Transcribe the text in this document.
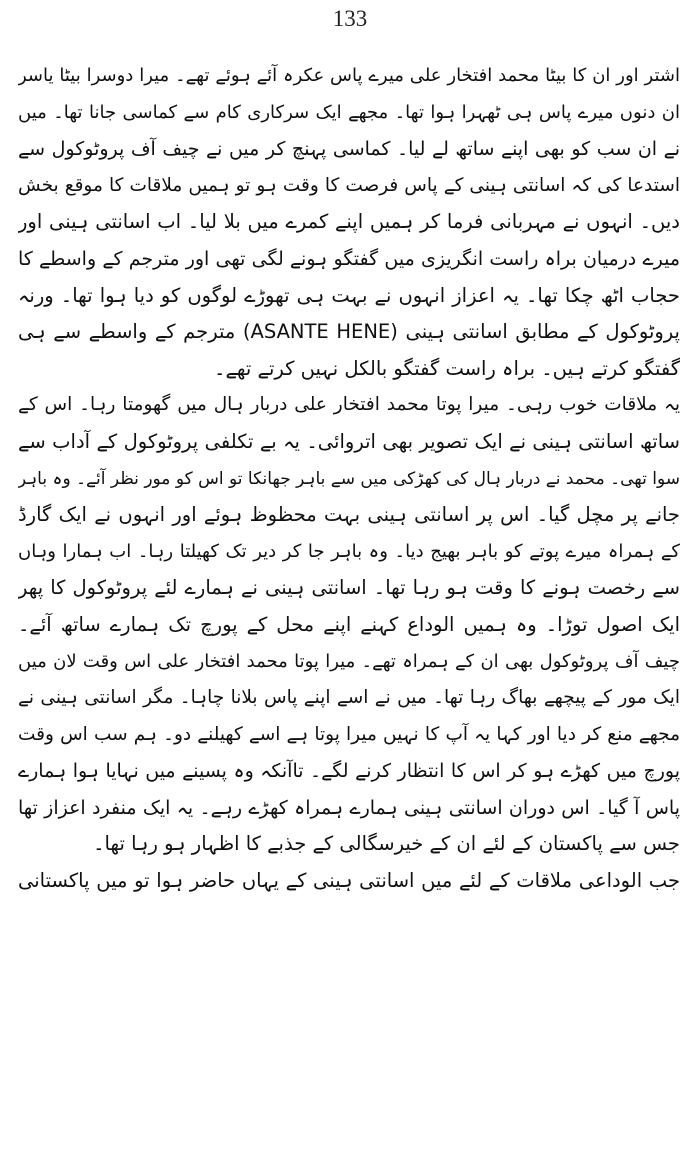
133
اشتر اور ان کا بیٹا محمد افتخار علی میرے پاس عکرہ آئے ہوئے تھے۔ میرا دوسرا بیٹا یاسر
ان دنوں میرے پاس ہی ٹھہرا ہوا تھا۔ مجھے ایک سرکاری کام سے کماسی جانا تھا۔ میں
نے ان سب کو بھی اپنے ساتھ لے لیا۔ کماسی پہنچ کر میں نے چیف آف پروٹوکول سے
استدعا کی کہ اسانتی ہینی کے پاس فرصت کا وقت ہو تو ہمیں ملاقات کا موقع بخش
دیں۔ انہوں نے مہربانی فرما کر ہمیں اپنے کمرے میں بلا لیا۔ اب اسانتی ہینی اور
میرے درمیان براہ راست انگریزی میں گفتگو ہونے لگی تھی اور مترجم کے واسطے کا
حجاب اٹھ چکا تھا۔ یہ اعزاز انہوں نے بہت ہی تھوڑے لوگوں کو دیا ہوا تھا۔ ورنہ
پروٹوکول کے مطابق اسانتی ہینی (ASANTE HENE) مترجم کے واسطے سے ہی
گفتگو کرتے ہیں۔ براہ راست گفتگو بالکل نہیں کرتے تھے۔
یہ ملاقات خوب رہی۔ میرا پوتا محمد افتخار علی دربار ہال میں گھومتا رہا۔ اس کے
ساتھ اسانتی ہینی نے ایک تصویر بھی اتروائی۔ یہ بے تکلفی پروٹوکول کے آداب سے
سوا تھی۔ محمد نے دربار ہال کی کھڑکی میں سے باہر جھانکا تو اس کو مور نظر آئے۔ وہ باہر
جانے پر مچل گیا۔ اس پر اسانتی ہینی بہت محظوظ ہوئے اور انہوں نے ایک گارڈ
کے ہمراہ میرے پوتے کو باہر بھیج دیا۔ وہ باہر جا کر دیر تک کھیلتا رہا۔ اب ہمارا وہاں
سے رخصت ہونے کا وقت ہو رہا تھا۔ اسانتی ہینی نے ہمارے لئے پروٹوکول کا پھر
ایک اصول توڑا۔ وہ ہمیں الوداع کہنے اپنے محل کے پورچ تک ہمارے ساتھ آئے۔
چیف آف پروٹوکول بھی ان کے ہمراہ تھے۔ میرا پوتا محمد افتخار علی اس وقت لان میں
ایک مور کے پیچھے بھاگ رہا تھا۔ میں نے اسے اپنے پاس بلانا چاہا۔ مگر اسانتی ہینی نے
مجھے منع کر دیا اور کہا یہ آپ کا نہیں میرا پوتا ہے اسے کھیلنے دو۔ ہم سب اس وقت
پورچ میں کھڑے ہو کر اس کا انتظار کرنے لگے۔ تاآنکہ وہ پسینے میں نہایا ہوا ہمارے
پاس آ گیا۔ اس دوران اسانتی ہینی ہمارے ہمراہ کھڑے رہے۔ یہ ایک منفرد اعزاز تھا
جس سے پاکستان کے لئے ان کے خیرسگالی کے جذبے کا اظہار ہو رہا تھا۔
جب الوداعی ملاقات کے لئے میں اسانتی ہینی کے یہاں حاضر ہوا تو میں پاکستانی
